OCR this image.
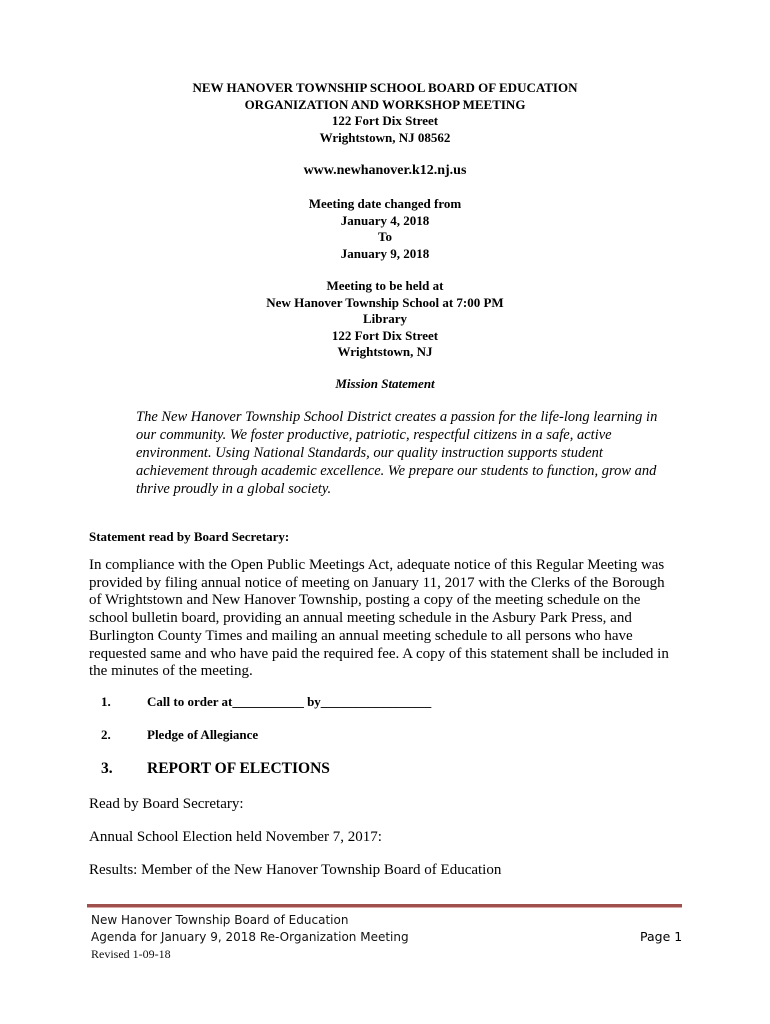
NEW HANOVER TOWNSHIP SCHOOL BOARD OF EDUCATION
ORGANIZATION AND WORKSHOP MEETING
122 Fort Dix Street
Wrightstown, NJ 08562
www.newhanover.k12.nj.us
Meeting date changed from
January 4, 2018
To
January 9, 2018
Meeting to be held at
New Hanover Township School at 7:00 PM
Library
122 Fort Dix Street
Wrightstown, NJ
Mission Statement
The New Hanover Township School District creates a passion for the life-long learning in our community. We foster productive, patriotic, respectful citizens in a safe, active environment. Using National Standards, our quality instruction supports student achievement through academic excellence. We prepare our students to function, grow and thrive proudly in a global society.
Statement read by Board Secretary:
In compliance with the Open Public Meetings Act, adequate notice of this Regular Meeting was provided by filing annual notice of meeting on January 11, 2017 with the Clerks of the Borough of Wrightstown and New Hanover Township, posting a copy of the meeting schedule on the school bulletin board, providing an annual meeting schedule in the Asbury Park Press, and Burlington County Times and mailing an annual meeting schedule to all persons who have requested same and who have paid the required fee. A copy of this statement shall be included in the minutes of the meeting.
1.	Call to order at___________ by_________________
2.	Pledge of Allegiance
3. REPORT OF ELECTIONS
Read by Board Secretary:
Annual School Election held November 7, 2017:
Results: Member of the New Hanover Township Board of Education
New Hanover Township Board of Education
Agenda for January 9, 2018 Re-Organization Meeting
Revised 1-09-18
Page 1
